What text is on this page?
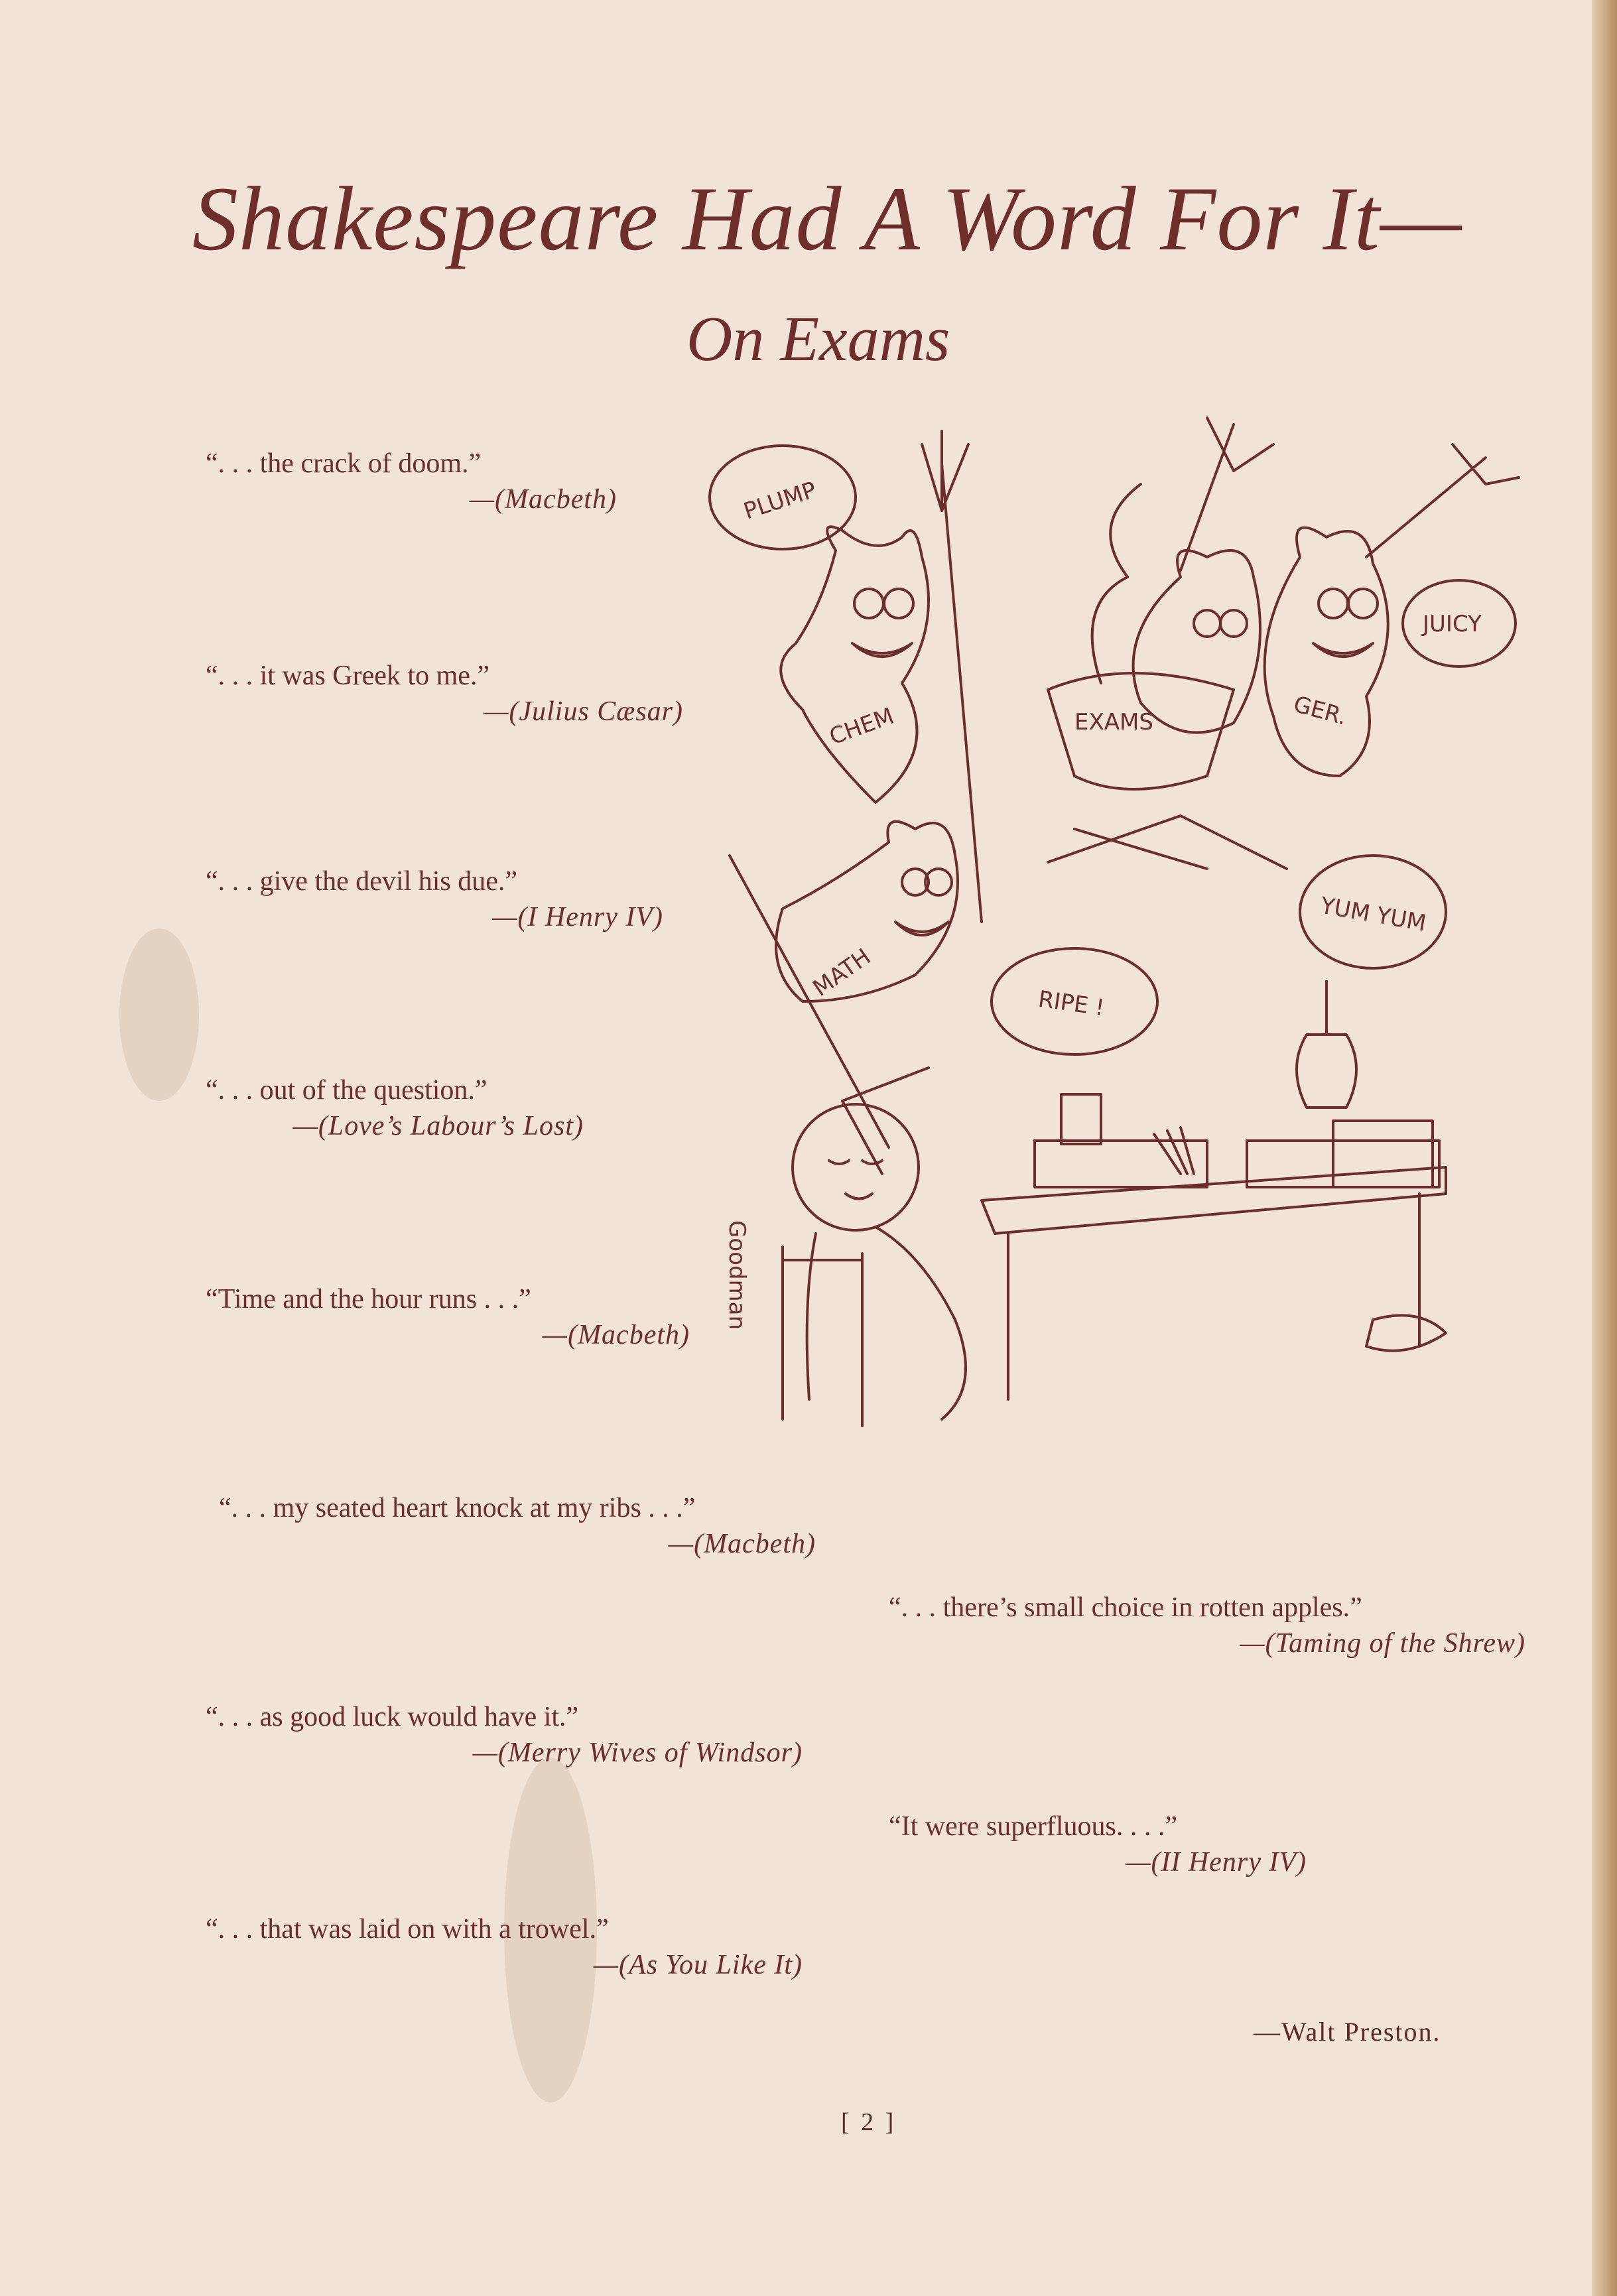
Shakespeare Had A Word For It—
On Exams
“. . . the crack of doom.”
—(Macbeth)
“. . . it was Greek to me.”
—(Julius Cæsar)
“. . . give the devil his due.”
—(I Henry IV)
“. . . out of the question.”
—(Love’s Labour’s Lost)
“Time and the hour runs . . .”
—(Macbeth)
“. . . my seated heart knock at my ribs . . .”
—(Macbeth)
“. . . there’s small choice in rotten apples.”
—(Taming of the Shrew)
“. . . as good luck would have it.”
—(Merry Wives of Windsor)
“It were superfluous. . . .”
—(II Henry IV)
“. . . that was laid on with a trowel.”
—(As You Like It)
PLUMP
JUICY
YUM YUM
RIPE !
CHEM	EXAMS	GER.
MATH
Goodman
—Walt Preston.
[ 2 ]
